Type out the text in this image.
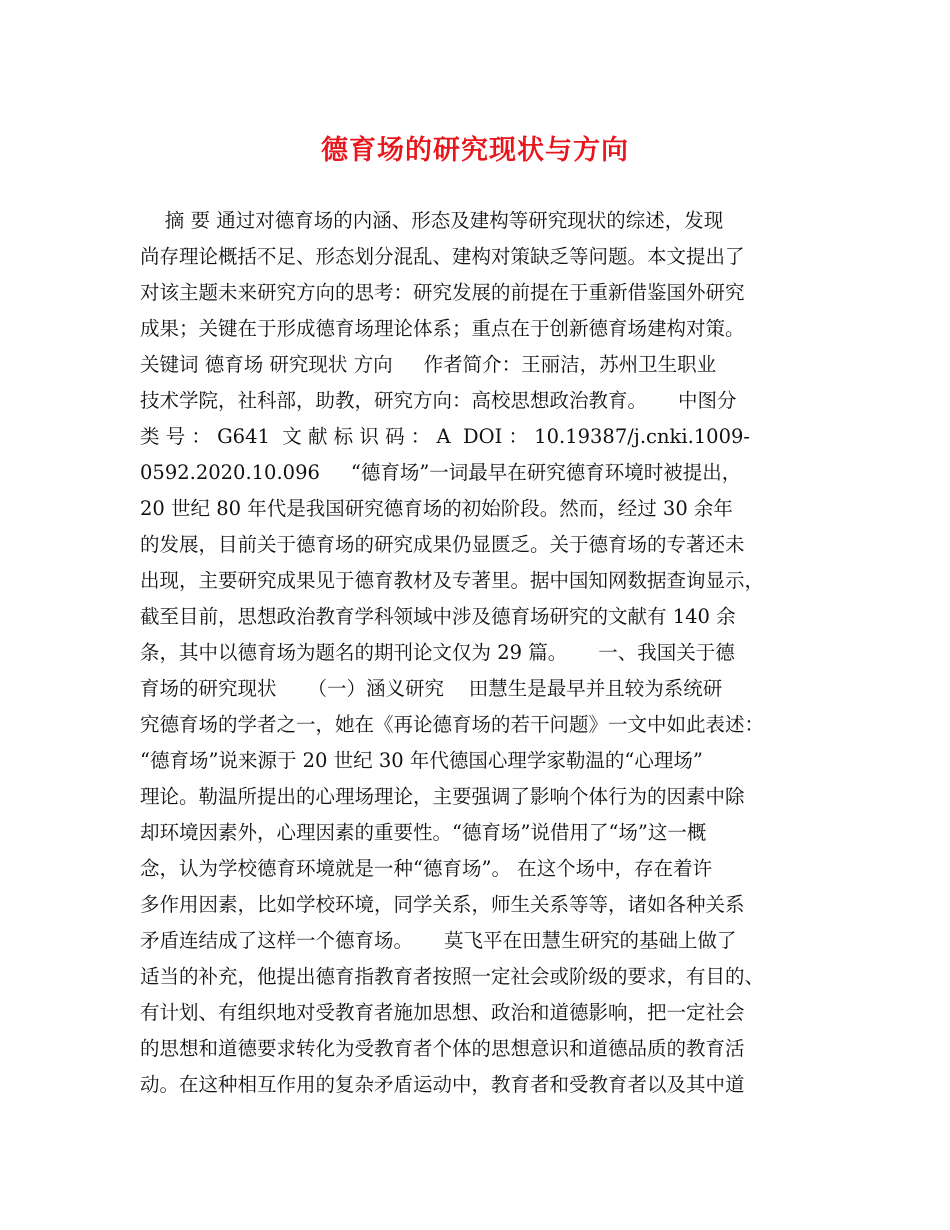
德育场的研究现状与方向
摘 要 通过对德育场的内涵、形态及建构等研究现状的综述，发现
尚存理论概括不足、形态划分混乱、建构对策缺乏等问题。本文提出了
对该主题未来研究方向的思考：研究发展的前提在于重新借鉴国外研究
成果；关键在于形成德育场理论体系；重点在于创新德育场建构对策。
关键词 德育场 研究现状 方向     作者简介：王丽洁，苏州卫生职业
技术学院，社科部，助教，研究方向：高校思想政治教育。     中图分
类 号 ： G641  文 献 标 识 码 ： A  DOI ： 10.19387/j.cnki.1009-
0592.2020.10.096     “德育场”一词最早在研究德育环境时被提出，
20 世纪 80 年代是我国研究德育场的初始阶段。然而，经过 30 余年
的发展，目前关于德育场的研究成果仍显匮乏。关于德育场的专著还未
出现，主要研究成果见于德育教材及专著里。据中国知网数据查询显示，
截至目前，思想政治教育学科领域中涉及德育场研究的文献有 140 余
条，其中以德育场为题名的期刊论文仅为 29 篇。     一、我国关于德
育场的研究现状     （一）涵义研究    田慧生是最早并且较为系统研
究德育场的学者之一，她在《再论德育场的若干问题》一文中如此表述：
“德育场”说来源于 20 世纪 30 年代德国心理学家勒温的“心理场”
理论。勒温所提出的心理场理论，主要强调了影响个体行为的因素中除
却环境因素外，心理因素的重要性。“德育场”说借用了“场”这一概
念，认为学校德育环境就是一种“德育场”。 在这个场中，存在着许
多作用因素，比如学校环境，同学关系，师生关系等等，诸如各种关系
矛盾连结成了这样一个德育场。     莫飞平在田慧生研究的基础上做了
适当的补充，他提出德育指教育者按照一定社会或阶级的要求，有目的、
有计划、有组织地对受教育者施加思想、政治和道德影响，把一定社会
的思想和道德要求转化为受教育者个体的思想意识和道德品质的教育活
动。在这种相互作用的复杂矛盾运动中，教育者和受教育者以及其中道
